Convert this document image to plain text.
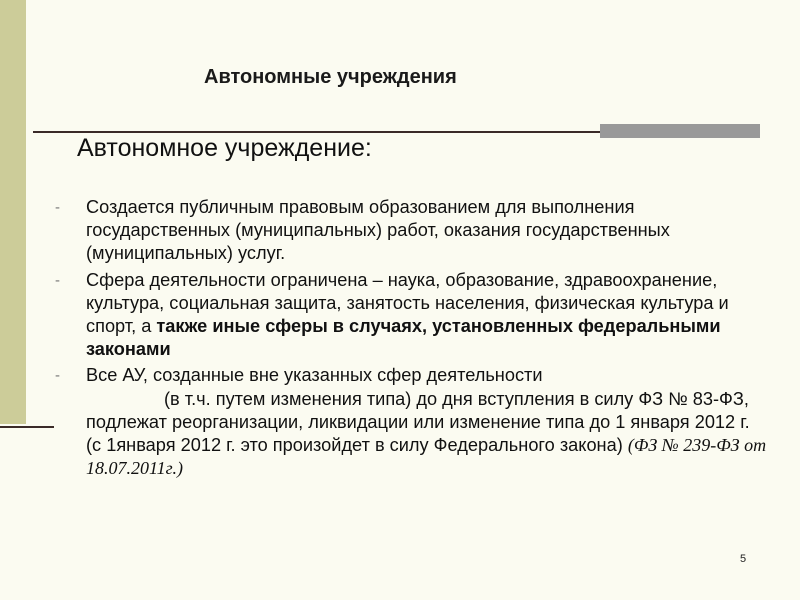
Автономные учреждения
Автономное учреждение:
- Создается публичным правовым образованием для выполнения государственных (муниципальных) работ, оказания государственных (муниципальных) услуг.
- Сфера деятельности ограничена – наука, образование, здравоохранение, культура, социальная защита, занятость населения, физическая культура и спорт, а также иные сферы в случаях, установленных федеральными законами
- Все АУ, созданные вне указанных сфер деятельности
(в т.ч. путем изменения типа) до дня вступления в силу ФЗ № 83-ФЗ, подлежат реорганизации, ликвидации или изменение типа до 1 января 2012 г. (с 1января 2012 г. это произойдет в силу Федерального закона) (ФЗ № 239-ФЗ от 18.07.2011г.)
5
